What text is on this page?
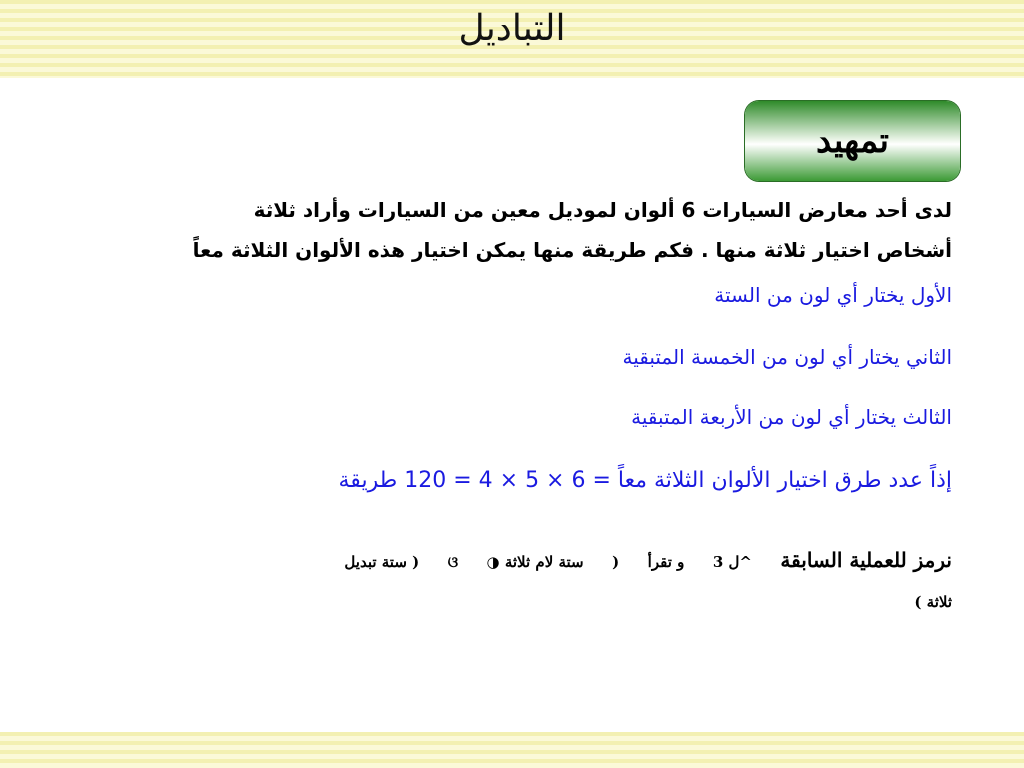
التباديل
تمهيد
لدى أحد معارض السيارات 6 ألوان لموديل معين من السيارات وأراد ثلاثة
أشخاص اختيار ثلاثة منها . فكم طريقة منها يمكن اختيار هذه الألوان الثلاثة معاً
الأول يختار أي لون من الستة
الثاني يختار أي لون من الخمسة المتبقية
الثالث يختار أي لون من الأربعة المتبقية
إذاً عدد طرق اختيار الألوان الثلاثة معاً = 6 × 5 × 4 = 120 طريقة
نرمز للعملية السابقة  ^ل 3  و تقرأ  (  ستة لام ثلاثة ◑  ଓ  ( ستة تبديل
ثلاثة )
